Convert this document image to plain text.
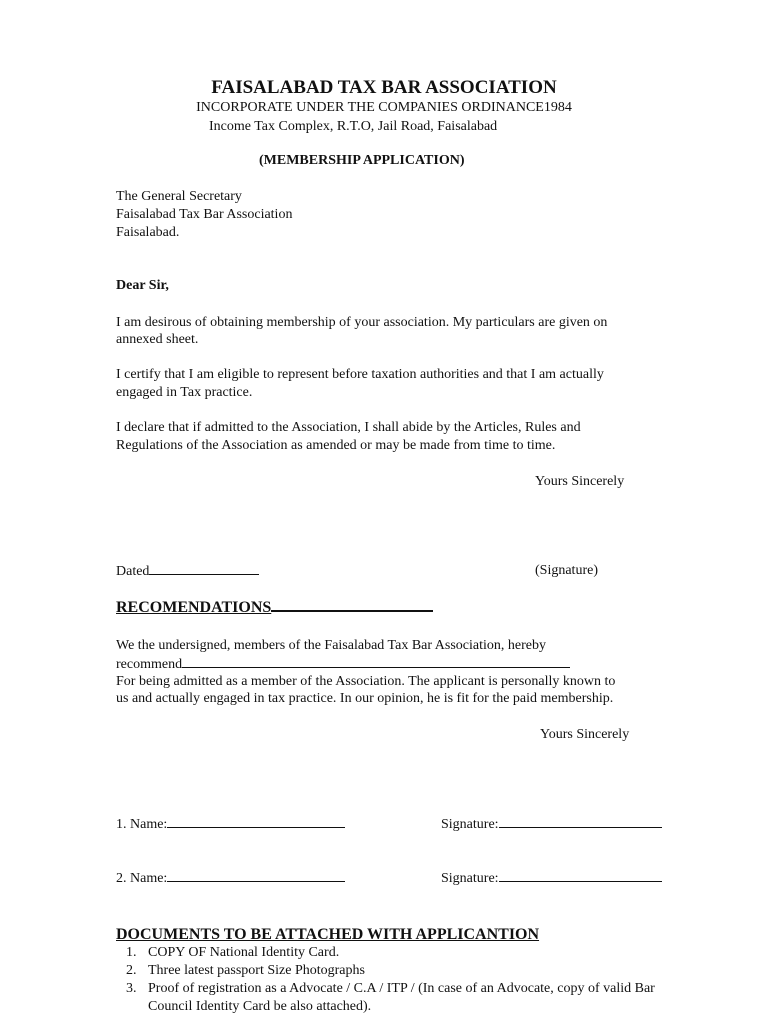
FAISALABAD TAX BAR ASSOCIATION
INCORPORATE UNDER THE COMPANIES ORDINANCE1984
Income Tax Complex, R.T.O, Jail Road, Faisalabad
(MEMBERSHIP APPLICATION)
The General Secretary
Faisalabad Tax Bar Association
Faisalabad.
Dear Sir,
I am desirous of obtaining membership of your association. My particulars are given on
annexed sheet.
I certify that I am eligible to represent before taxation authorities and that I am actually
engaged in Tax practice.
I declare that if admitted to the Association, I shall abide by the Articles, Rules and
Regulations of the Association as amended or may be made from time to time.
Yours Sincerely
Dated	(Signature)
RECOMENDATIONS
We the undersigned, members of the Faisalabad Tax Bar Association, hereby
recommend
For being admitted as a member of the Association. The applicant is personally known to
us and actually engaged in tax practice. In our opinion, he is fit for the paid membership.
Yours Sincerely
1. Name:	Signature:
2. Name:	Signature:
DOCUMENTS TO BE ATTACHED WITH APPLICANTION
1. COPY OF National Identity Card.
2. Three latest passport Size Photographs
3. Proof of registration as a Advocate / C.A / ITP / (In case of an Advocate, copy of valid Bar Council Identity Card be also attached).
